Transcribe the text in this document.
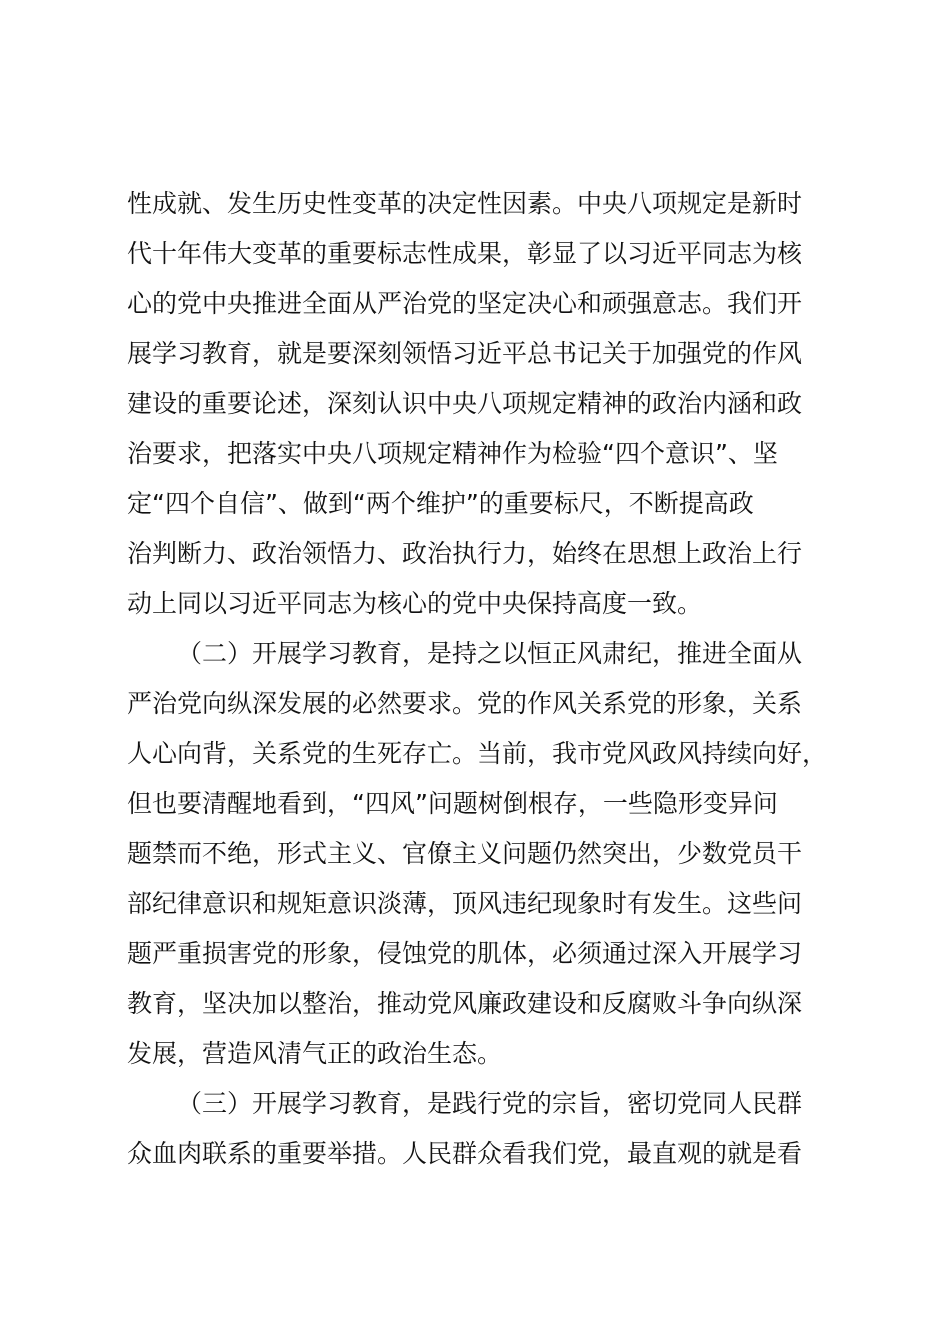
性成就、发生历史性变革的决定性因素。中央八项规定是新时
代十年伟大变革的重要标志性成果，彰显了以习近平同志为核
心的党中央推进全面从严治党的坚定决心和顽强意志。我们开
展学习教育，就是要深刻领悟习近平总书记关于加强党的作风
建设的重要论述，深刻认识中央八项规定精神的政治内涵和政
治要求，把落实中央八项规定精神作为检验“四个意识”、坚
定“四个自信”、做到“两个维护”的重要标尺，不断提高政
治判断力、政治领悟力、政治执行力，始终在思想上政治上行
动上同以习近平同志为核心的党中央保持高度一致。
（二）开展学习教育，是持之以恒正风肃纪，推进全面从
严治党向纵深发展的必然要求。党的作风关系党的形象，关系
人心向背，关系党的生死存亡。当前，我市党风政风持续向好，
但也要清醒地看到，“四风”问题树倒根存，一些隐形变异问
题禁而不绝，形式主义、官僚主义问题仍然突出，少数党员干
部纪律意识和规矩意识淡薄，顶风违纪现象时有发生。这些问
题严重损害党的形象，侵蚀党的肌体，必须通过深入开展学习
教育，坚决加以整治，推动党风廉政建设和反腐败斗争向纵深
发展，营造风清气正的政治生态。
（三）开展学习教育，是践行党的宗旨，密切党同人民群
众血肉联系的重要举措。人民群众看我们党，最直观的就是看
